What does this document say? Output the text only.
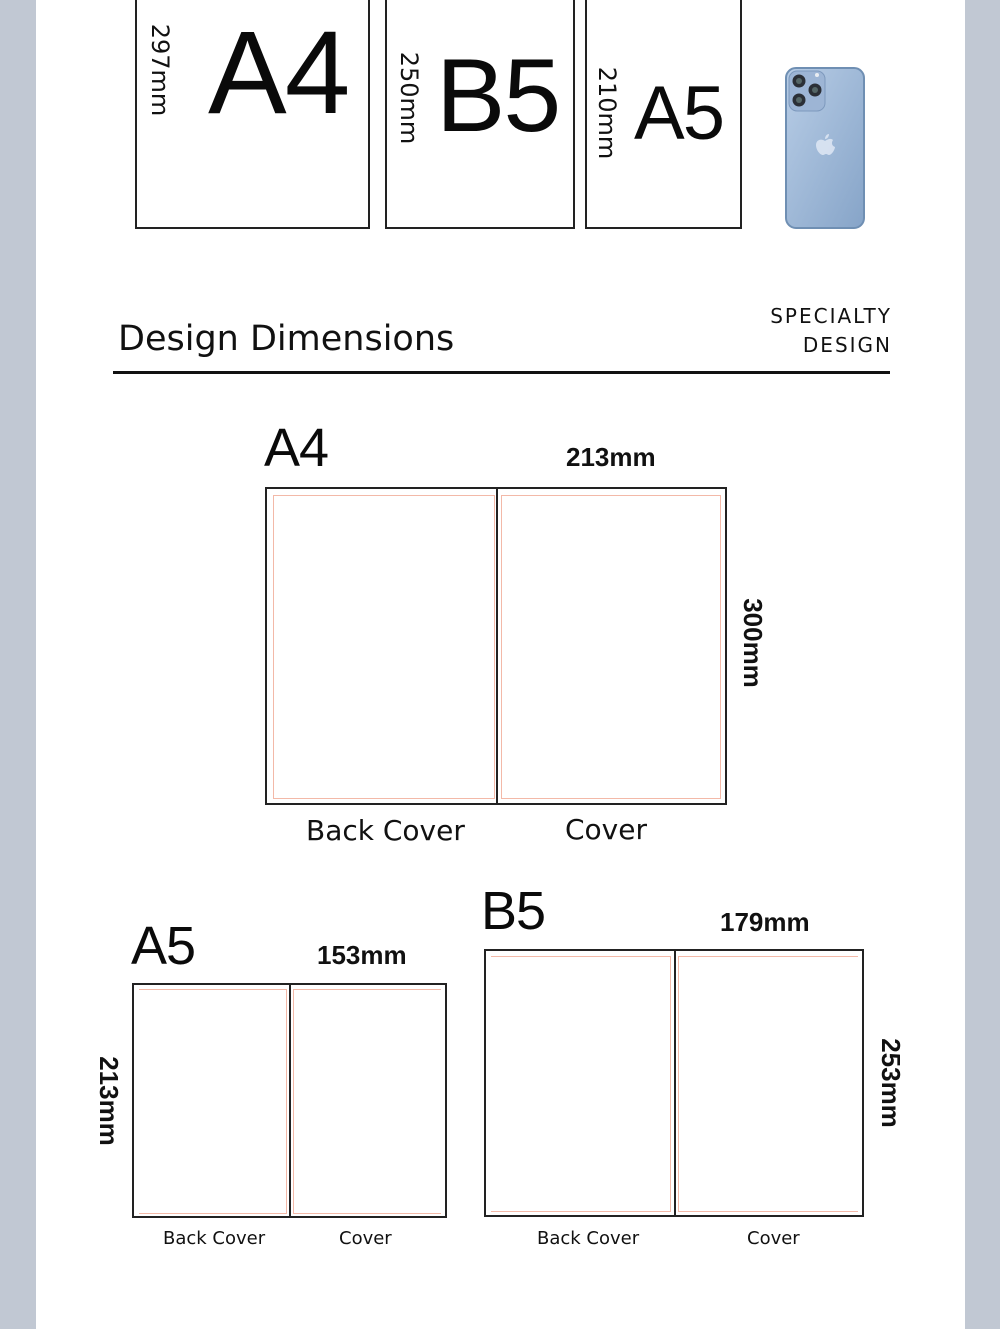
297mm A4 250mm B5 210mm A5
Design Dimensions
SPECIALTY
DESIGN
A4	213mm
300mm
Back Cover	Cover
A5	153mm
213mm
Back Cover	Cover
B5	179mm
253mm
Back Cover	Cover
